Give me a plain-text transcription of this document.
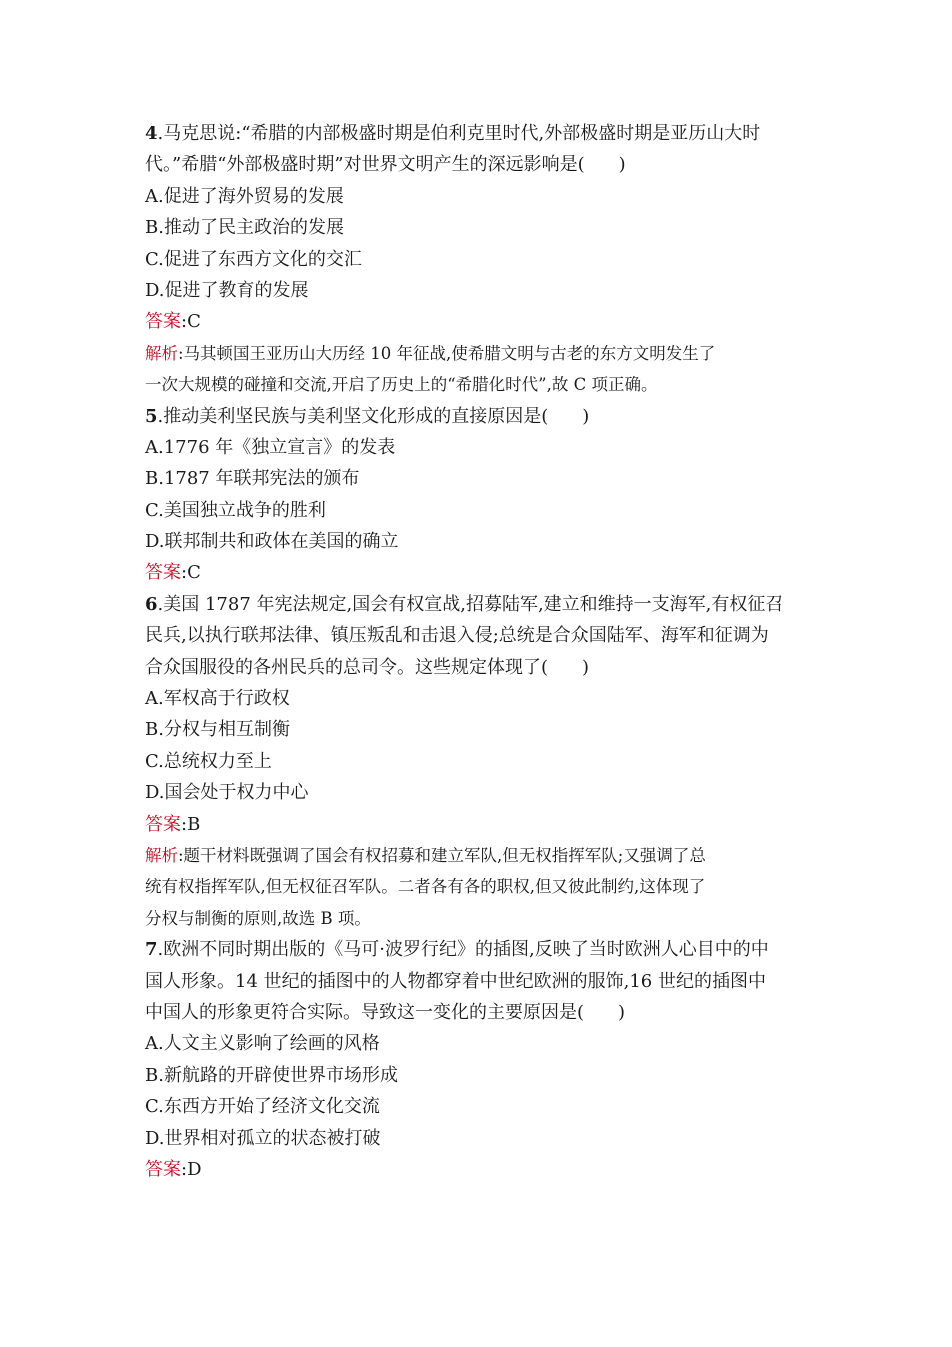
4.马克思说:“希腊的内部极盛时期是伯利克里时代,外部极盛时期是亚历山大时
代。”希腊“外部极盛时期”对世界文明产生的深远影响是( )
A.促进了海外贸易的发展
B.推动了民主政治的发展
C.促进了东西方文化的交汇
D.促进了教育的发展
答案:C
解析:马其顿国王亚历山大历经 10 年征战,使希腊文明与古老的东方文明发生了
一次大规模的碰撞和交流,开启了历史上的“希腊化时代”,故 C 项正确。
5.推动美利坚民族与美利坚文化形成的直接原因是( )
A.1776 年《独立宣言》的发表
B.1787 年联邦宪法的颁布
C.美国独立战争的胜利
D.联邦制共和政体在美国的确立
答案:C
6.美国 1787 年宪法规定,国会有权宣战,招募陆军,建立和维持一支海军,有权征召
民兵,以执行联邦法律、镇压叛乱和击退入侵;总统是合众国陆军、海军和征调为
合众国服役的各州民兵的总司令。这些规定体现了( )
A.军权高于行政权
B.分权与相互制衡
C.总统权力至上
D.国会处于权力中心
答案:B
解析:题干材料既强调了国会有权招募和建立军队,但无权指挥军队;又强调了总
统有权指挥军队,但无权征召军队。二者各有各的职权,但又彼此制约,这体现了
分权与制衡的原则,故选 B 项。
7.欧洲不同时期出版的《马可·波罗行纪》的插图,反映了当时欧洲人心目中的中
国人形象。14 世纪的插图中的人物都穿着中世纪欧洲的服饰,16 世纪的插图中
中国人的形象更符合实际。导致这一变化的主要原因是( )
A.人文主义影响了绘画的风格
B.新航路的开辟使世界市场形成
C.东西方开始了经济文化交流
D.世界相对孤立的状态被打破
答案:D
